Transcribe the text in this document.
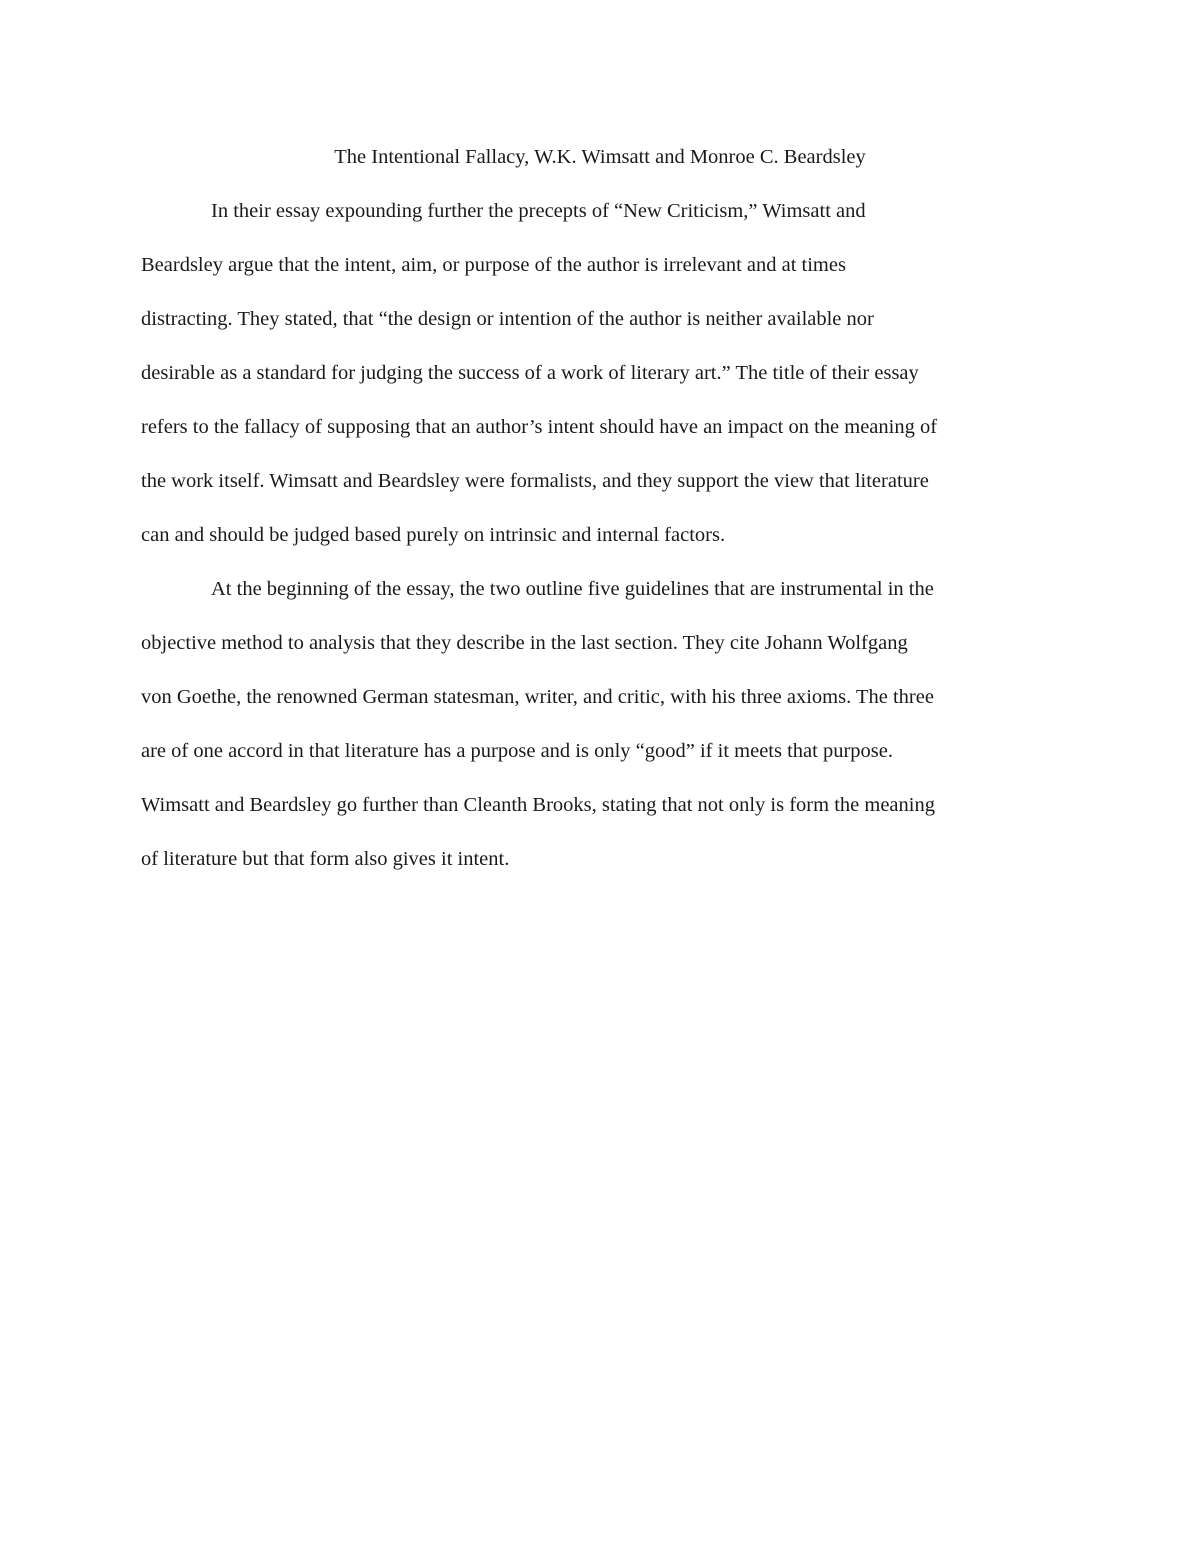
The Intentional Fallacy, W.K. Wimsatt and Monroe C. Beardsley

In their essay expounding further the precepts of “New Criticism,” Wimsatt and

Beardsley argue that the intent, aim, or purpose of the author is irrelevant and at times

distracting. They stated, that “the design or intention of the author is neither available nor

desirable as a standard for judging the success of a work of literary art.” The title of their essay

refers to the fallacy of supposing that an author’s intent should have an impact on the meaning of

the work itself. Wimsatt and Beardsley were formalists, and they support the view that literature

can and should be judged based purely on intrinsic and internal factors.

At the beginning of the essay, the two outline five guidelines that are instrumental in the

objective method to analysis that they describe in the last section. They cite Johann Wolfgang

von Goethe, the renowned German statesman, writer, and critic, with his three axioms. The three

are of one accord in that literature has a purpose and is only “good” if it meets that purpose.

Wimsatt and Beardsley go further than Cleanth Brooks, stating that not only is form the meaning

of literature but that form also gives it intent.
